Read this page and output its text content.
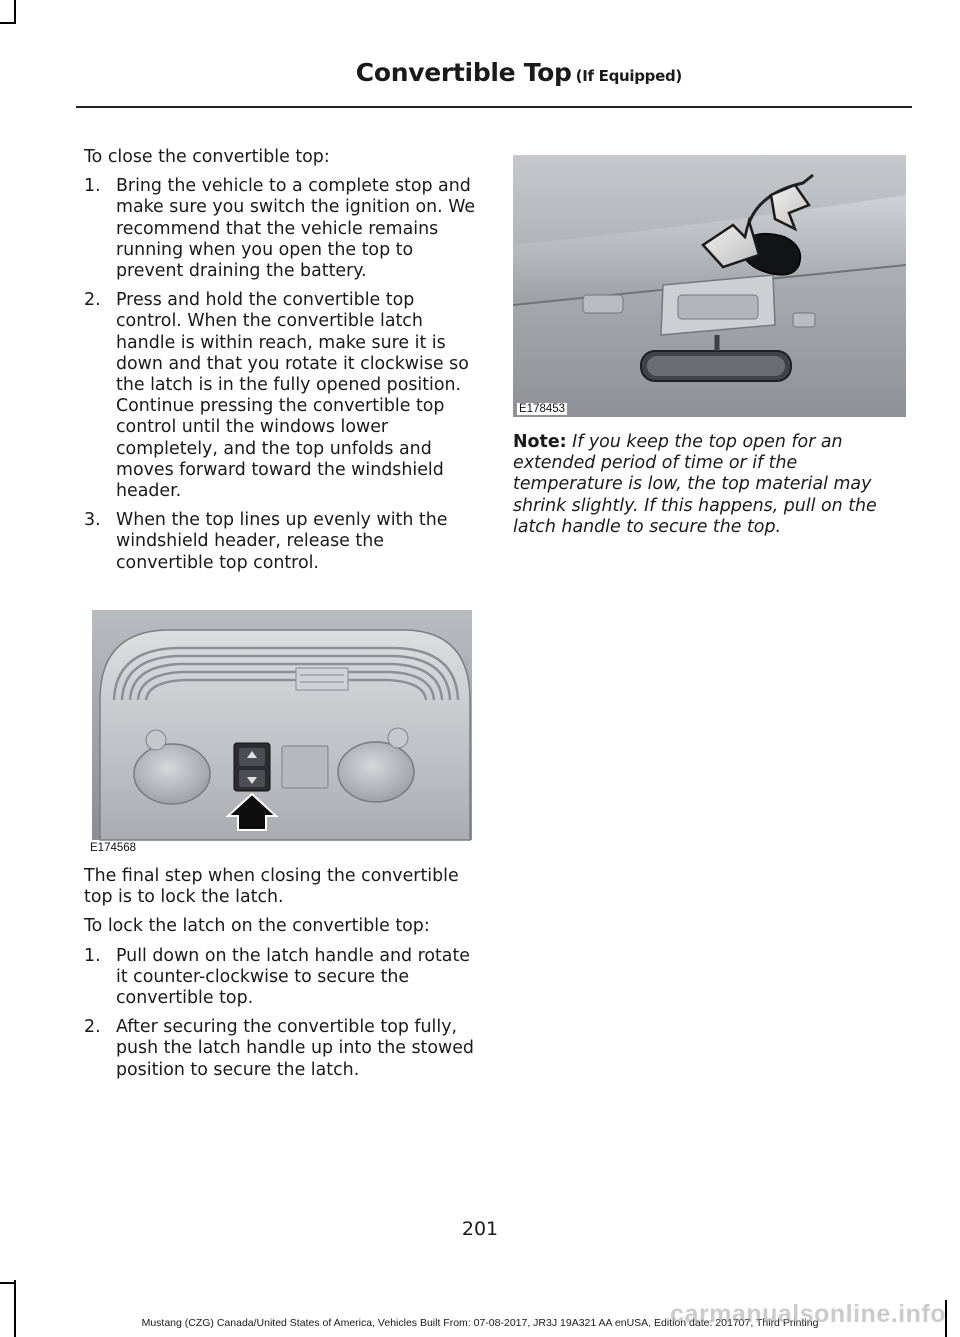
Convertible Top (If Equipped)

To close the convertible top:

1. Bring the vehicle to a complete stop and make sure you switch the ignition on. We recommend that the vehicle remains running when you open the top to prevent draining the battery.
2. Press and hold the convertible top control. When the convertible latch handle is within reach, make sure it is down and that you rotate it clockwise so the latch is in the fully opened position. Continue pressing the convertible top control until the windows lower completely, and the top unfolds and moves forward toward the windshield header.
3. When the top lines up evenly with the windshield header, release the convertible top control.
E174568

The final step when closing the convertible top is to lock the latch.

To lock the latch on the convertible top:

1. Pull down on the latch handle and rotate it counter-clockwise to secure the convertible top.
2. After securing the convertible top fully, push the latch handle up into the stowed position to secure the latch.
E178453

Note: If you keep the top open for an extended period of time or if the temperature is low, the top material may shrink slightly. If this happens, pull on the latch handle to secure the top.

201
Mustang (CZG) Canada/United States of America, Vehicles Built From: 07-08-2017, JR3J 19A321 AA enUSA, Edition date: 201707, Third Printing
carmanualsonline.info
